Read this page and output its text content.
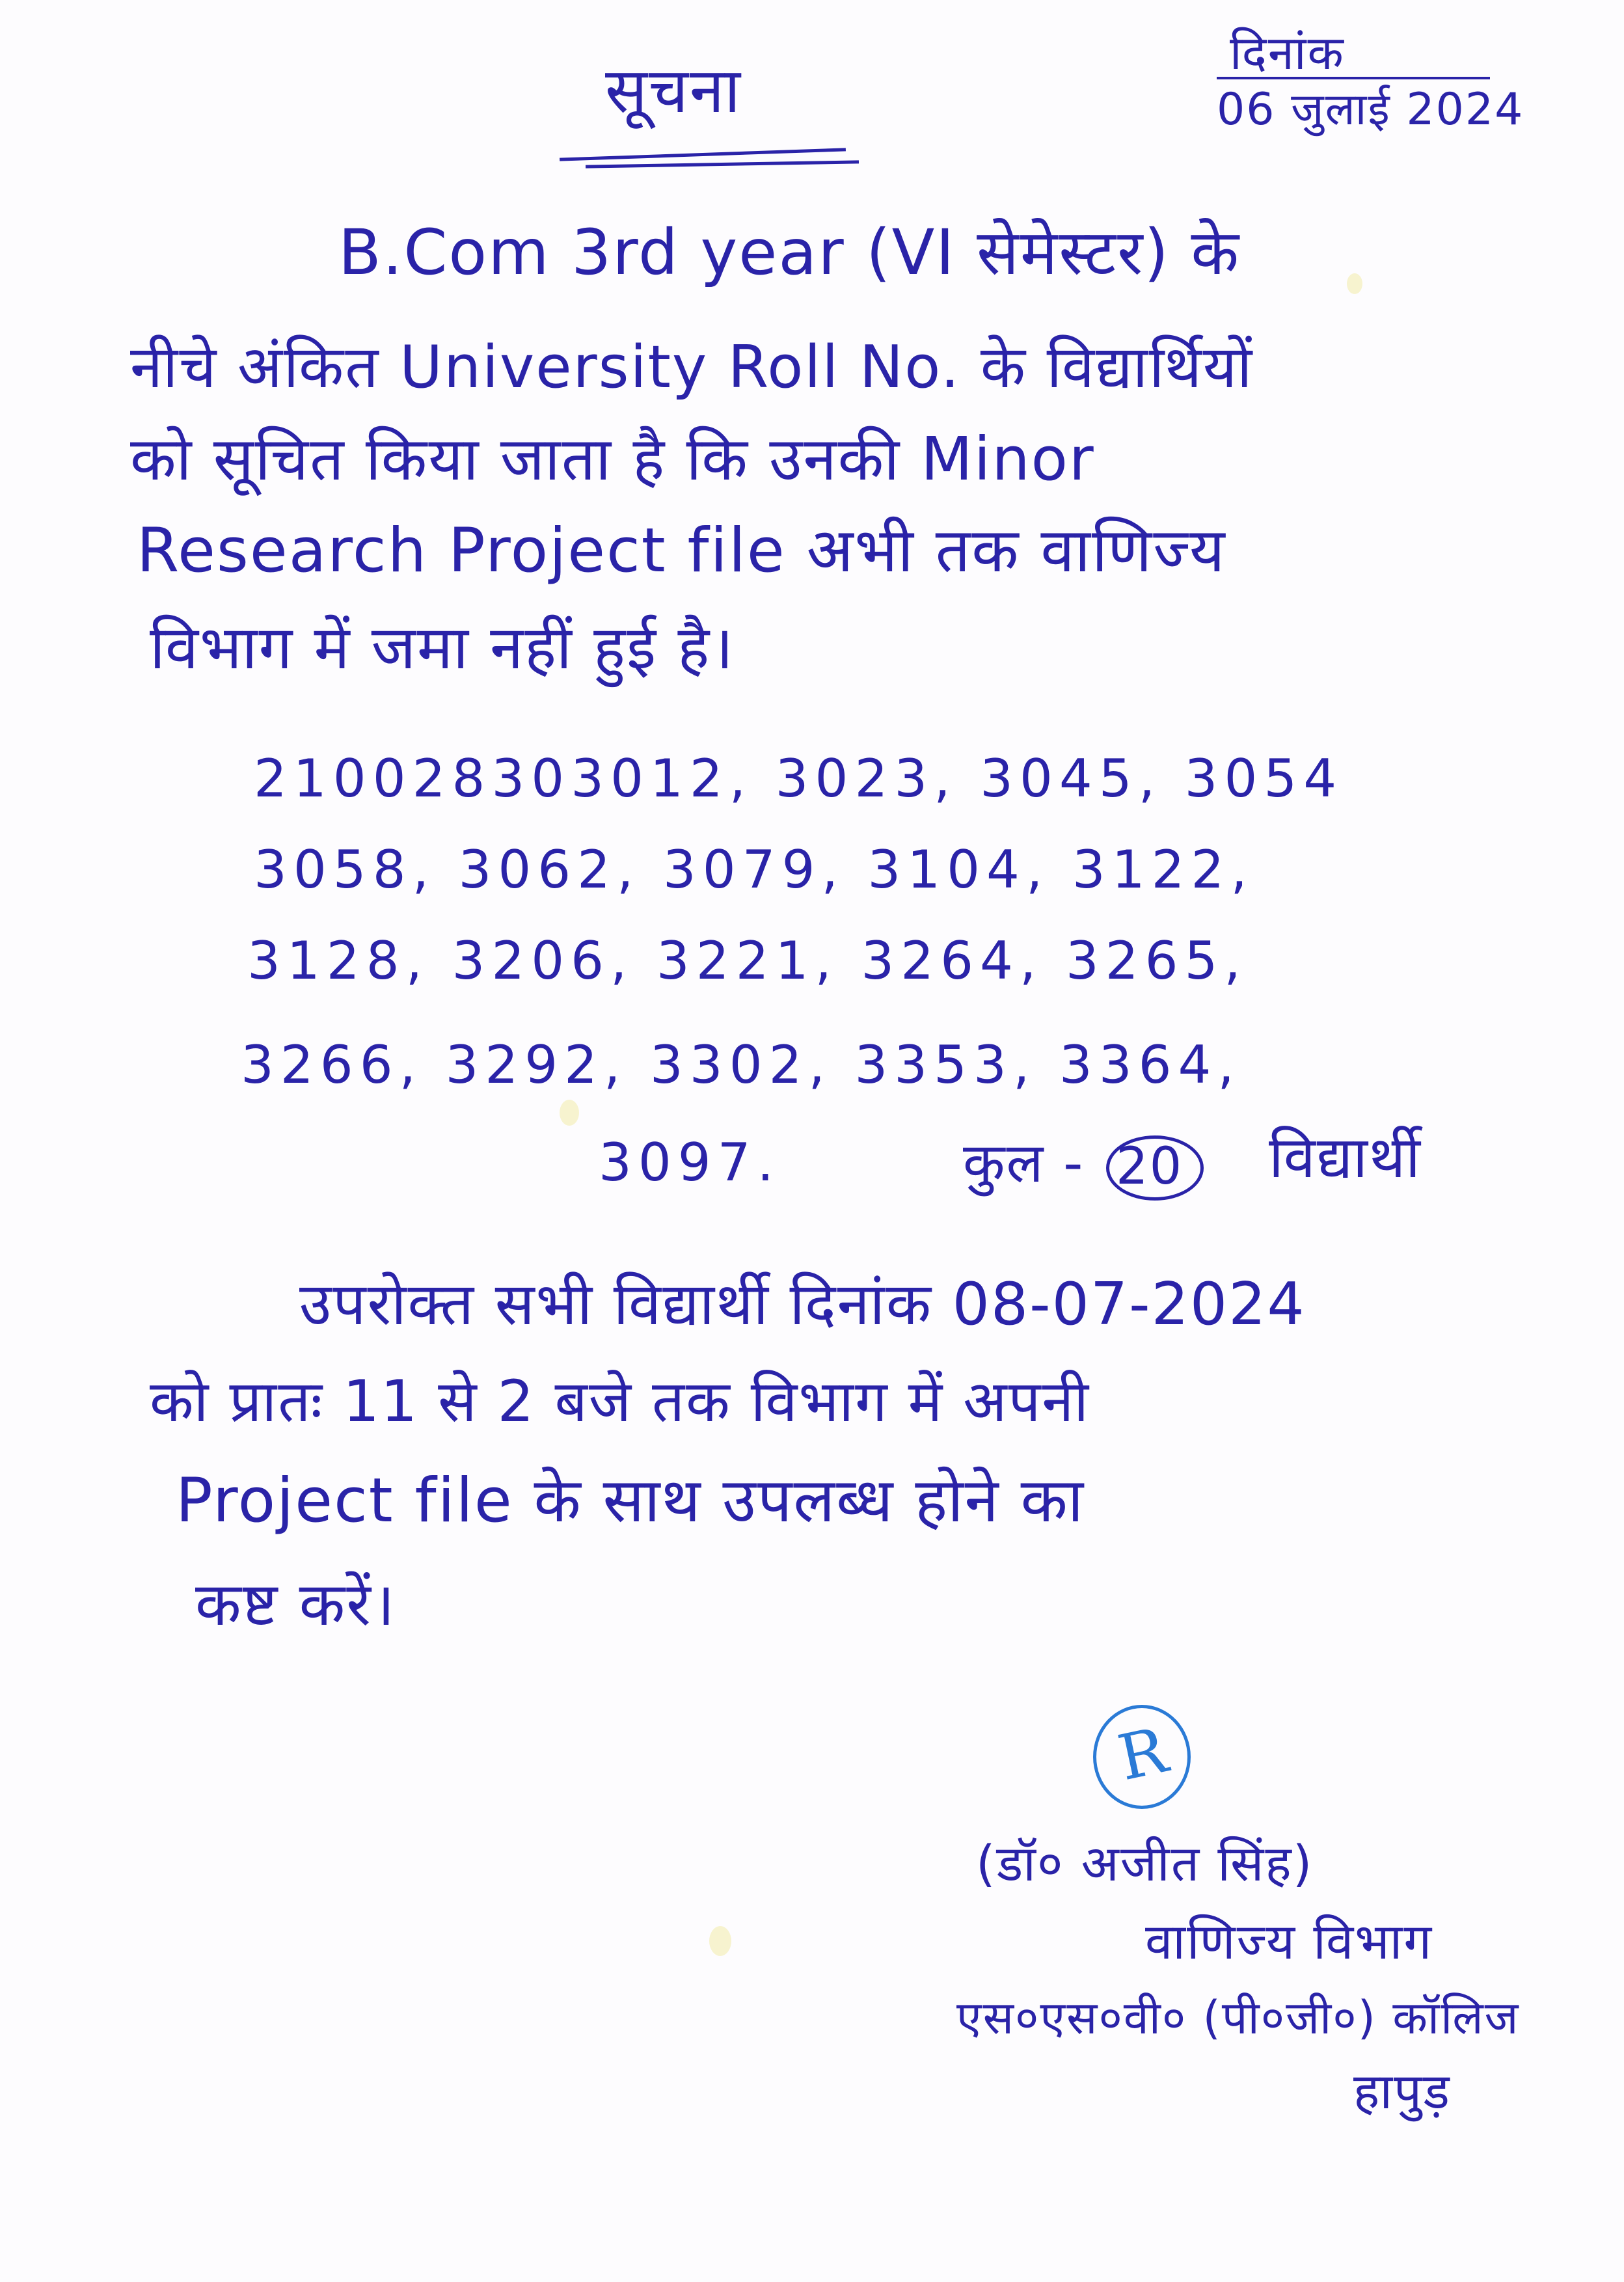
सूचना
दिनांक
06 जुलाई 2024
B.Com 3rd year (VI सेमेस्टर) के
नीचे अंकित University Roll No. के विद्यार्थियों
को सूचित किया जाता है कि उनकी Minor
Research Project file अभी तक वाणिज्य
विभाग में जमा नहीं हुई है।
210028303012, 3023, 3045, 3054
3058, 3062, 3079, 3104, 3122,
3128, 3206, 3221, 3264, 3265,
3266, 3292, 3302, 3353, 3364,
3097.	कुल - 20 विद्यार्थी
उपरोक्त सभी विद्यार्थी दिनांक 08-07-2024
को प्रातः 11 से 2 बजे तक विभाग में अपनी
Project file के साथ उपलब्ध होने का
कष्ट करें।
R
(डॉ० अजीत सिंह)
वाणिज्य विभाग
एस०एस०वी० (पी०जी०) कॉलिज
हापुड़
